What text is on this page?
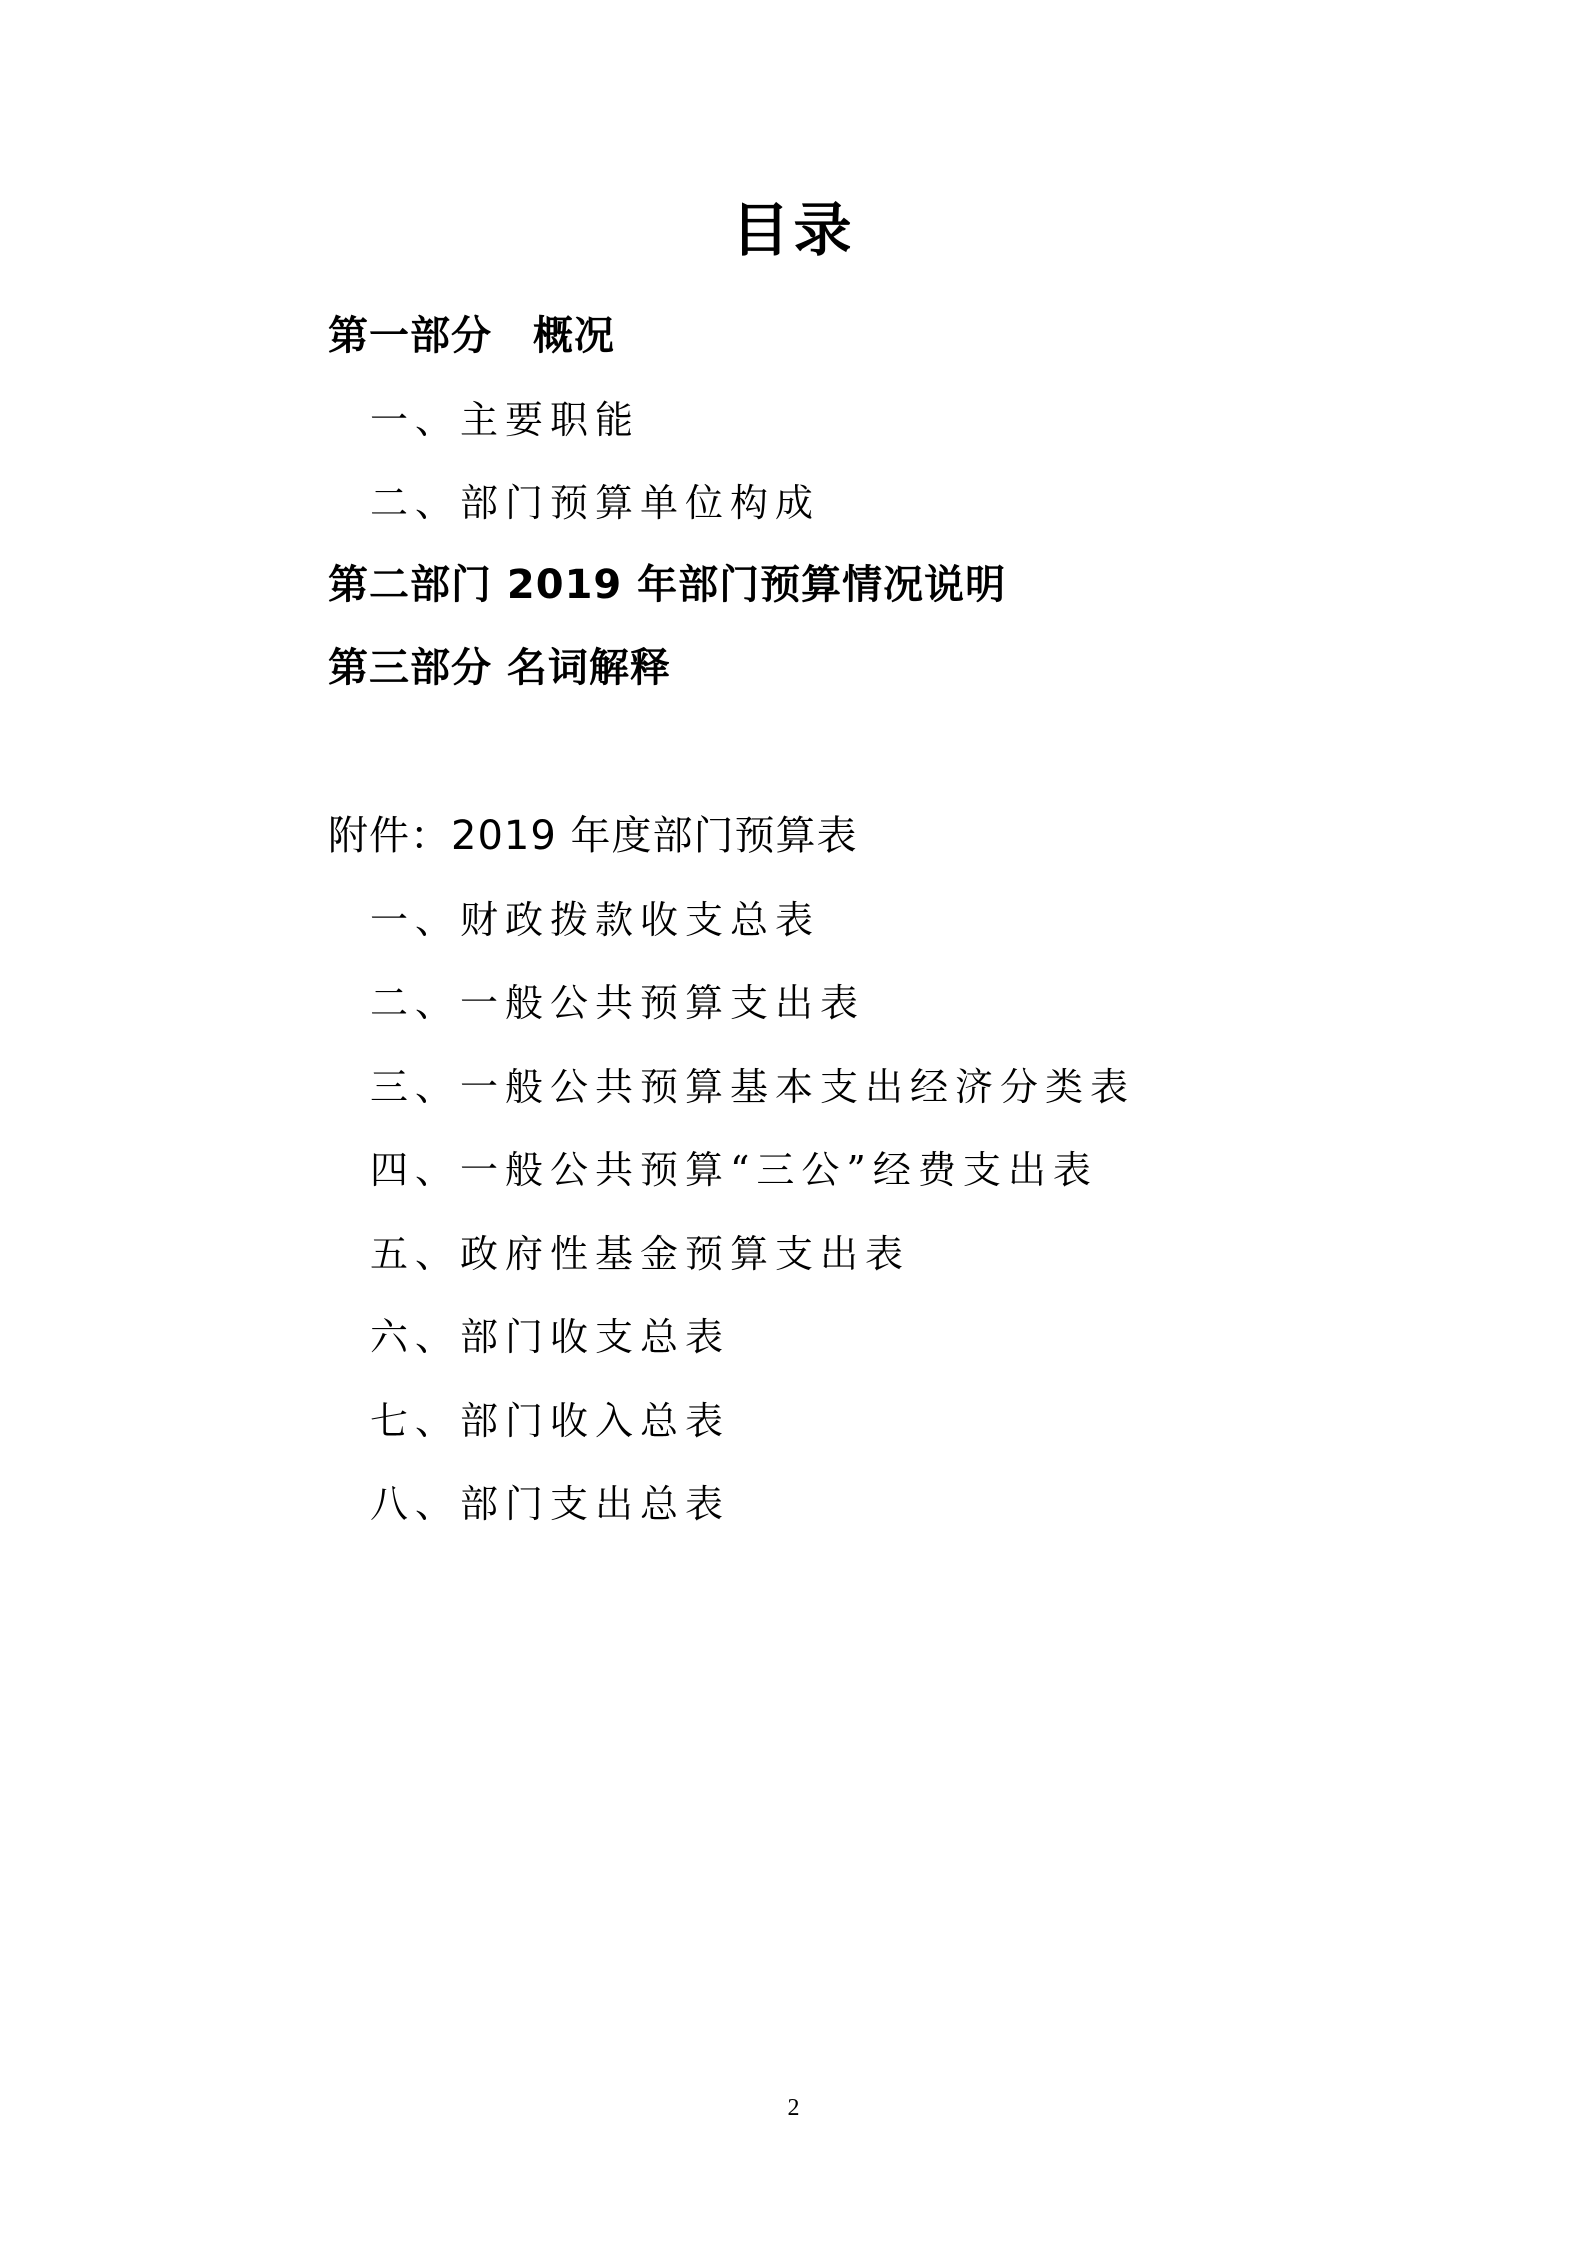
目录
第一部分　概况
一、主要职能
二、部门预算单位构成
第二部门 2019 年部门预算情况说明
第三部分 名词解释
附件：2019 年度部门预算表
一、财政拨款收支总表
二、一般公共预算支出表
三、一般公共预算基本支出经济分类表
四、一般公共预算“三公”经费支出表
五、政府性基金预算支出表
六、部门收支总表
七、部门收入总表
八、部门支出总表
2
